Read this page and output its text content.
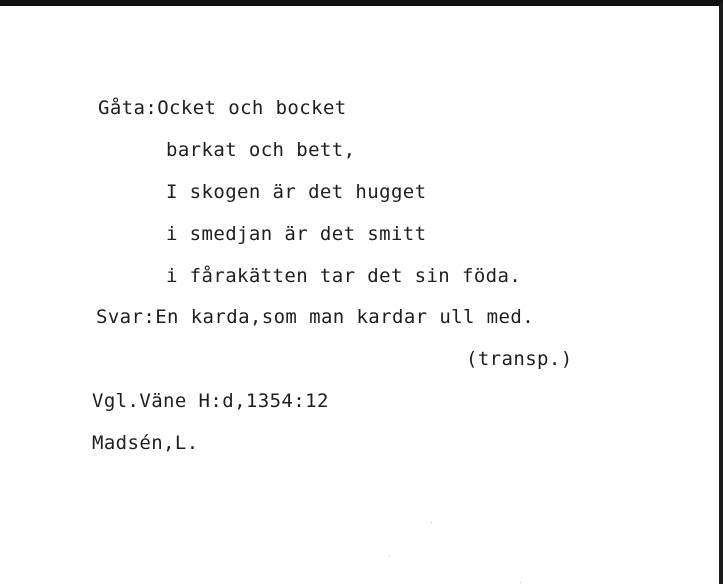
Gåta:Ocket och bocket
barkat och bett,
I skogen är det hugget
i smedjan är det smitt
i fårakätten tar det sin föda.
Svar:En karda,som man kardar ull med.
(transp.)
Vgl.Väne H:d,1354:12
Madsén,L.
